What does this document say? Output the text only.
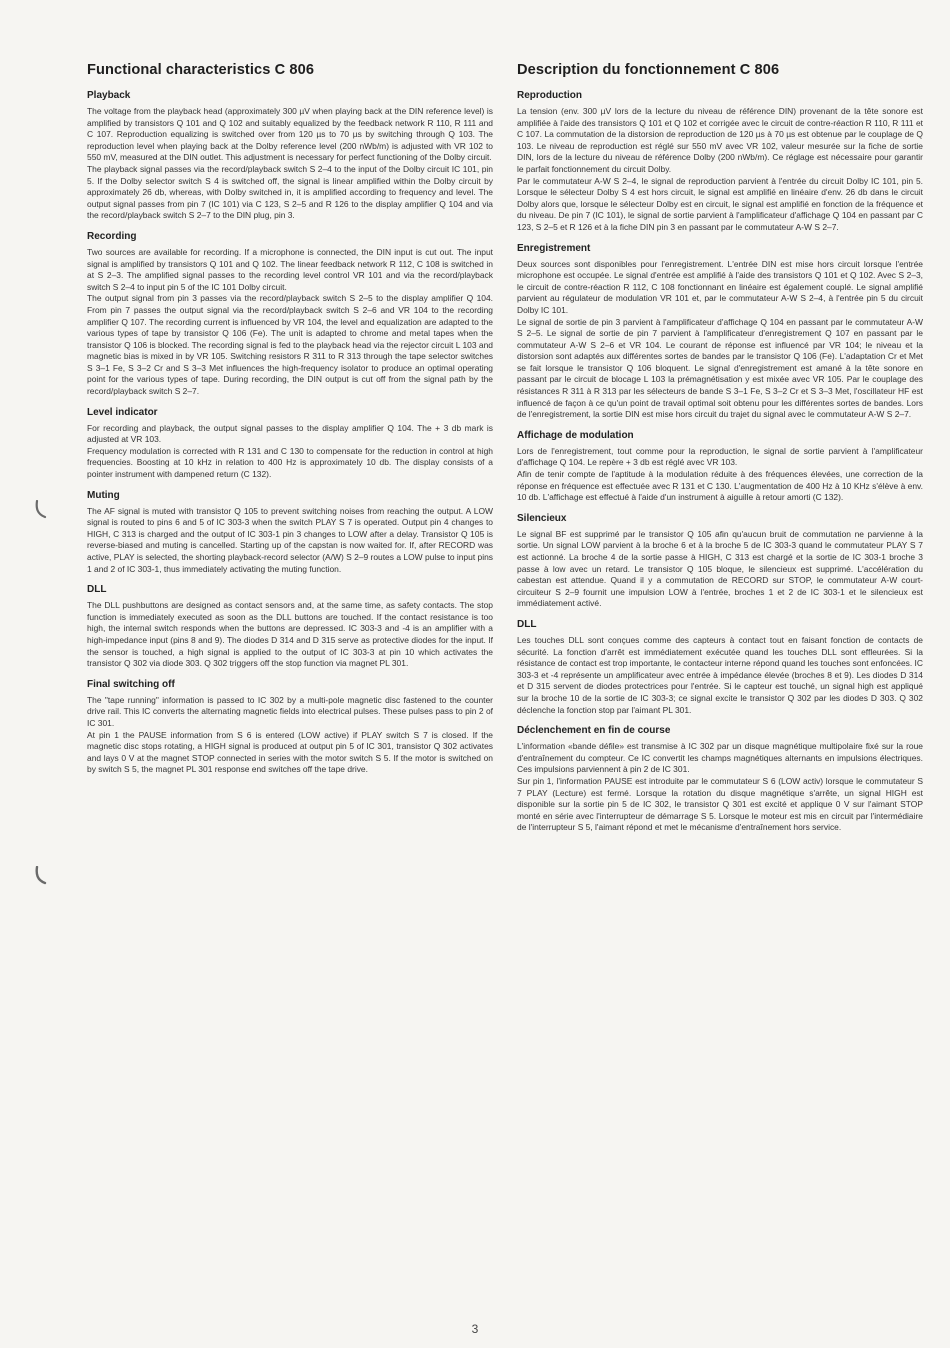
Functional characteristics C 806
Playback

The voltage from the playback head (approximately 300 µV when playing back at the DIN reference level) is amplified by transistors Q 101 and Q 102 and suitably equalized by the feedback network R 110, R 111 and C 107. Reproduction equalizing is switched over from 120 µs to 70 µs by switching through Q 103. The reproduction level when playing back at the Dolby reference level (200 nWb/m) is adjusted with VR 102 to 550 mV, measured at the DIN outlet. This adjustment is necessary for perfect functioning of the Dolby circuit.

The playback signal passes via the record/playback switch S 2–4 to the input of the Dolby circuit IC 101, pin 5. If the Dolby selector switch S 4 is switched off, the signal is linear amplified within the Dolby circuit by approximately 26 db, whereas, with Dolby switched in, it is amplified according to frequency and level. The output signal passes from pin 7 (IC 101) via C 123, S 2–5 and R 126 to the display amplifier Q 104 and via the record/playback switch S 2–7 to the DIN plug, pin 3.

Recording

Two sources are available for recording. If a microphone is connected, the DIN input is cut out. The input signal is amplified by transistors Q 101 and Q 102. The linear feedback network R 112, C 108 is switched in at S 2–3. The amplified signal passes to the recording level control VR 101 and via the record/playback switch S 2–4 to input pin 5 of the IC 101 Dolby circuit.

The output signal from pin 3 passes via the record/playback switch S 2–5 to the display amplifier Q 104. From pin 7 passes the output signal via the record/playback switch S 2–6 and VR 104 to the recording amplifier Q 107. The recording current is influenced by VR 104, the level and equalization are adapted to the various types of tape by transistor Q 106 (Fe). The unit is adapted to chrome and metal tapes when the transistor Q 106 is blocked. The recording signal is fed to the playback head via the rejector circuit L 103 and magnetic bias is mixed in by VR 105. Switching resistors R 311 to R 313 through the tape selector switches S 3–1 Fe, S 3–2 Cr and S 3–3 Met influences the high-frequency isolator to produce an optimal operating point for the various types of tape. During recording, the DIN output is cut off from the signal path by the record/playback switch S 2–7.

Level indicator

For recording and playback, the output signal passes to the display amplifier Q 104. The + 3 db mark is adjusted at VR 103.

Frequency modulation is corrected with R 131 and C 130 to compensate for the reduction in control at high frequencies. Boosting at 10 kHz in relation to 400 Hz is approximately 10 db. The display consists of a pointer instrument with dampened return (C 132).

Muting

The AF signal is muted with transistor Q 105 to prevent switching noises from reaching the output. A LOW signal is routed to pins 6 and 5 of IC 303-3 when the switch PLAY S 7 is operated. Output pin 4 changes to HIGH, C 313 is charged and the output of IC 303-1 pin 3 changes to LOW after a delay. Transistor Q 105 is reverse-biased and muting is cancelled. Starting up of the capstan is now waited for. If, after RECORD was active, PLAY is selected, the shorting playback-record selector (A/W) S 2–9 routes a LOW pulse to input pins 1 and 2 of IC 303-1, thus immediately activating the muting function.

DLL

The DLL pushbuttons are designed as contact sensors and, at the same time, as safety contacts. The stop function is immediately executed as soon as the DLL buttons are touched. If the contact resistance is too high, the internal switch responds when the buttons are depressed. IC 303-3 and -4 is an amplifier with a high-impedance input (pins 8 and 9). The diodes D 314 and D 315 serve as protective diodes for the input. If the sensor is touched, a high signal is applied to the output of IC 303-3 at pin 10 which activates the transistor Q 302 via diode 303. Q 302 triggers off the stop function via magnet PL 301.

Final switching off

The "tape running" information is passed to IC 302 by a multi-pole magnetic disc fastened to the counter drive rail. This IC converts the alternating magnetic fields into electrical pulses. These pulses pass to pin 2 of IC 301.

At pin 1 the PAUSE information from S 6 is entered (LOW active) if PLAY switch S 7 is closed. If the magnetic disc stops rotating, a HIGH signal is produced at output pin 5 of IC 301, transistor Q 302 activates and lays 0 V at the magnet STOP connected in series with the motor switch S 5. If the motor is switched on by switch S 5, the magnet PL 301 response end switches off the tape drive.

Description du fonctionnement C 806
Reproduction

La tension (env. 300 µV lors de la lecture du niveau de référence DIN) provenant de la tête sonore est amplifiée à l'aide des transistors Q 101 et Q 102 et corrigée avec le circuit de contre-réaction R 110, R 111 et C 107. La commutation de la distorsion de reproduction de 120 µs à 70 µs est obtenue par le couplage de Q 103. Le niveau de reproduction est réglé sur 550 mV avec VR 102, valeur mesurée sur la fiche de sortie DIN, lors de la lecture du niveau de référence Dolby (200 nWb/m). Ce réglage est nécessaire pour garantir le parfait fonctionnement du circuit Dolby.

Par le commutateur A-W S 2–4, le signal de reproduction parvient à l'entrée du circuit Dolby IC 101, pin 5. Lorsque le sélecteur Dolby S 4 est hors circuit, le signal est amplifié en linéaire d'env. 26 db dans le circuit Dolby alors que, lorsque le sélecteur Dolby est en circuit, le signal est amplifié en fonction de la fréquence et du niveau. De pin 7 (IC 101), le signal de sortie parvient à l'amplificateur d'affichage Q 104 en passant par C 123, S 2–5 et R 126 et à la fiche DIN pin 3 en passant par le commutateur A-W S 2–7.

Enregistrement

Deux sources sont disponibles pour l'enregistrement. L'entrée DIN est mise hors circuit lorsque l'entrée microphone est occupée. Le signal d'entrée est amplifié à l'aide des transistors Q 101 et Q 102. Avec S 2–3, le circuit de contre-réaction R 112, C 108 fonctionnant en linéaire est également couplé. Le signal amplifié parvient au régulateur de modulation VR 101 et, par le commutateur A-W S 2–4, à l'entrée pin 5 du circuit Dolby IC 101.

Le signal de sortie de pin 3 parvient à l'amplificateur d'affichage Q 104 en passant par le commutateur A-W S 2–5. Le signal de sortie de pin 7 parvient à l'amplificateur d'enregistrement Q 107 en passant par le commutateur A-W S 2–6 et VR 104. Le courant de réponse est influencé par VR 104; le niveau et la distorsion sont adaptés aux différentes sortes de bandes par le transistor Q 106 (Fe). L'adaptation Cr et Met se fait lorsque le transistor Q 106 bloquent. Le signal d'enregistrement est amané à la tête sonore en passant par le circuit de blocage L 103 la prémagnétisation y est mixée avec VR 105. Par le couplage des résistances R 311 à R 313 par les sélecteurs de bande S 3–1 Fe, S 3–2 Cr et S 3–3 Met, l'oscillateur HF est influencé de façon à ce qu'un point de travail optimal soit obtenu pour les différentes sortes de bandes. Lors de l'enregistrement, la sortie DIN est mise hors circuit du trajet du signal avec le commutateur A-W S 2–7.

Affichage de modulation

Lors de l'enregistrement, tout comme pour la reproduction, le signal de sortie parvient à l'amplificateur d'affichage Q 104. Le repère + 3 db est réglé avec VR 103.

Afin de tenir compte de l'aptitude à la modulation réduite à des fréquences élevées, une correction de la réponse en fréquence est effectuée avec R 131 et C 130. L'augmentation de 400 Hz à 10 KHz s'élève à env. 10 db. L'affichage est effectué à l'aide d'un instrument à aiguille à retour amorti (C 132).

Silencieux

Le signal BF est supprimé par le transistor Q 105 afin qu'aucun bruit de commutation ne parvienne à la sortie. Un signal LOW parvient à la broche 6 et à la broche 5 de IC 303-3 quand le commutateur PLAY S 7 est actionné. La broche 4 de la sortie passe à HIGH, C 313 est chargé et la sortie de IC 303-1 broche 3 passe à low avec un retard. Le transistor Q 105 bloque, le silencieux est supprimé. L'accélération du cabestan est attendue. Quand il y a commutation de RECORD sur STOP, le commutateur A-W court-circuiteur S 2–9 fournit une impulsion LOW à l'entrée, broches 1 et 2 de IC 303-1 et le silencieux est immédiatement activé.

DLL

Les touches DLL sont conçues comme des capteurs à contact tout en faisant fonction de contacts de sécurité. La fonction d'arrêt est immédiatement exécutée quand les touches DLL sont effleurées. Si la résistance de contact est trop importante, le contacteur interne répond quand les touches sont enfoncées. IC 303-3 et -4 représente un amplificateur avec entrée à impédance élevée (broches 8 et 9). Les diodes D 314 et D 315 servent de diodes protectrices pour l'entrée. Si le capteur est touché, un signal high est appliqué sur la broche 10 de la sortie de IC 303-3; ce signal excite le transistor Q 302 par les diodes D 303. Q 302 déclenche la fonction stop par l'aimant PL 301.

Déclenchement en fin de course

L'information «bande défile» est transmise à IC 302 par un disque magnétique multipolaire fixé sur la roue d'entraînement du compteur. Ce IC convertit les champs magnétiques alternants en impulsions électriques. Ces impulsions parviennent à pin 2 de IC 301.

Sur pin 1, l'information PAUSE est introduite par le commutateur S 6 (LOW activ) lorsque le commutateur S 7 PLAY (Lecture) est fermé. Lorsque la rotation du disque magnétique s'arrête, un signal HIGH est disponible sur la sortie pin 5 de IC 302, le transistor Q 301 est excité et applique 0 V sur l'aimant STOP monté en série avec l'interrupteur de démarrage S 5. Lorsque le moteur est mis en circuit par l'intermédiaire de l'interrupteur S 5, l'aimant répond et met le mécanisme d'entraînement hors service.

3
